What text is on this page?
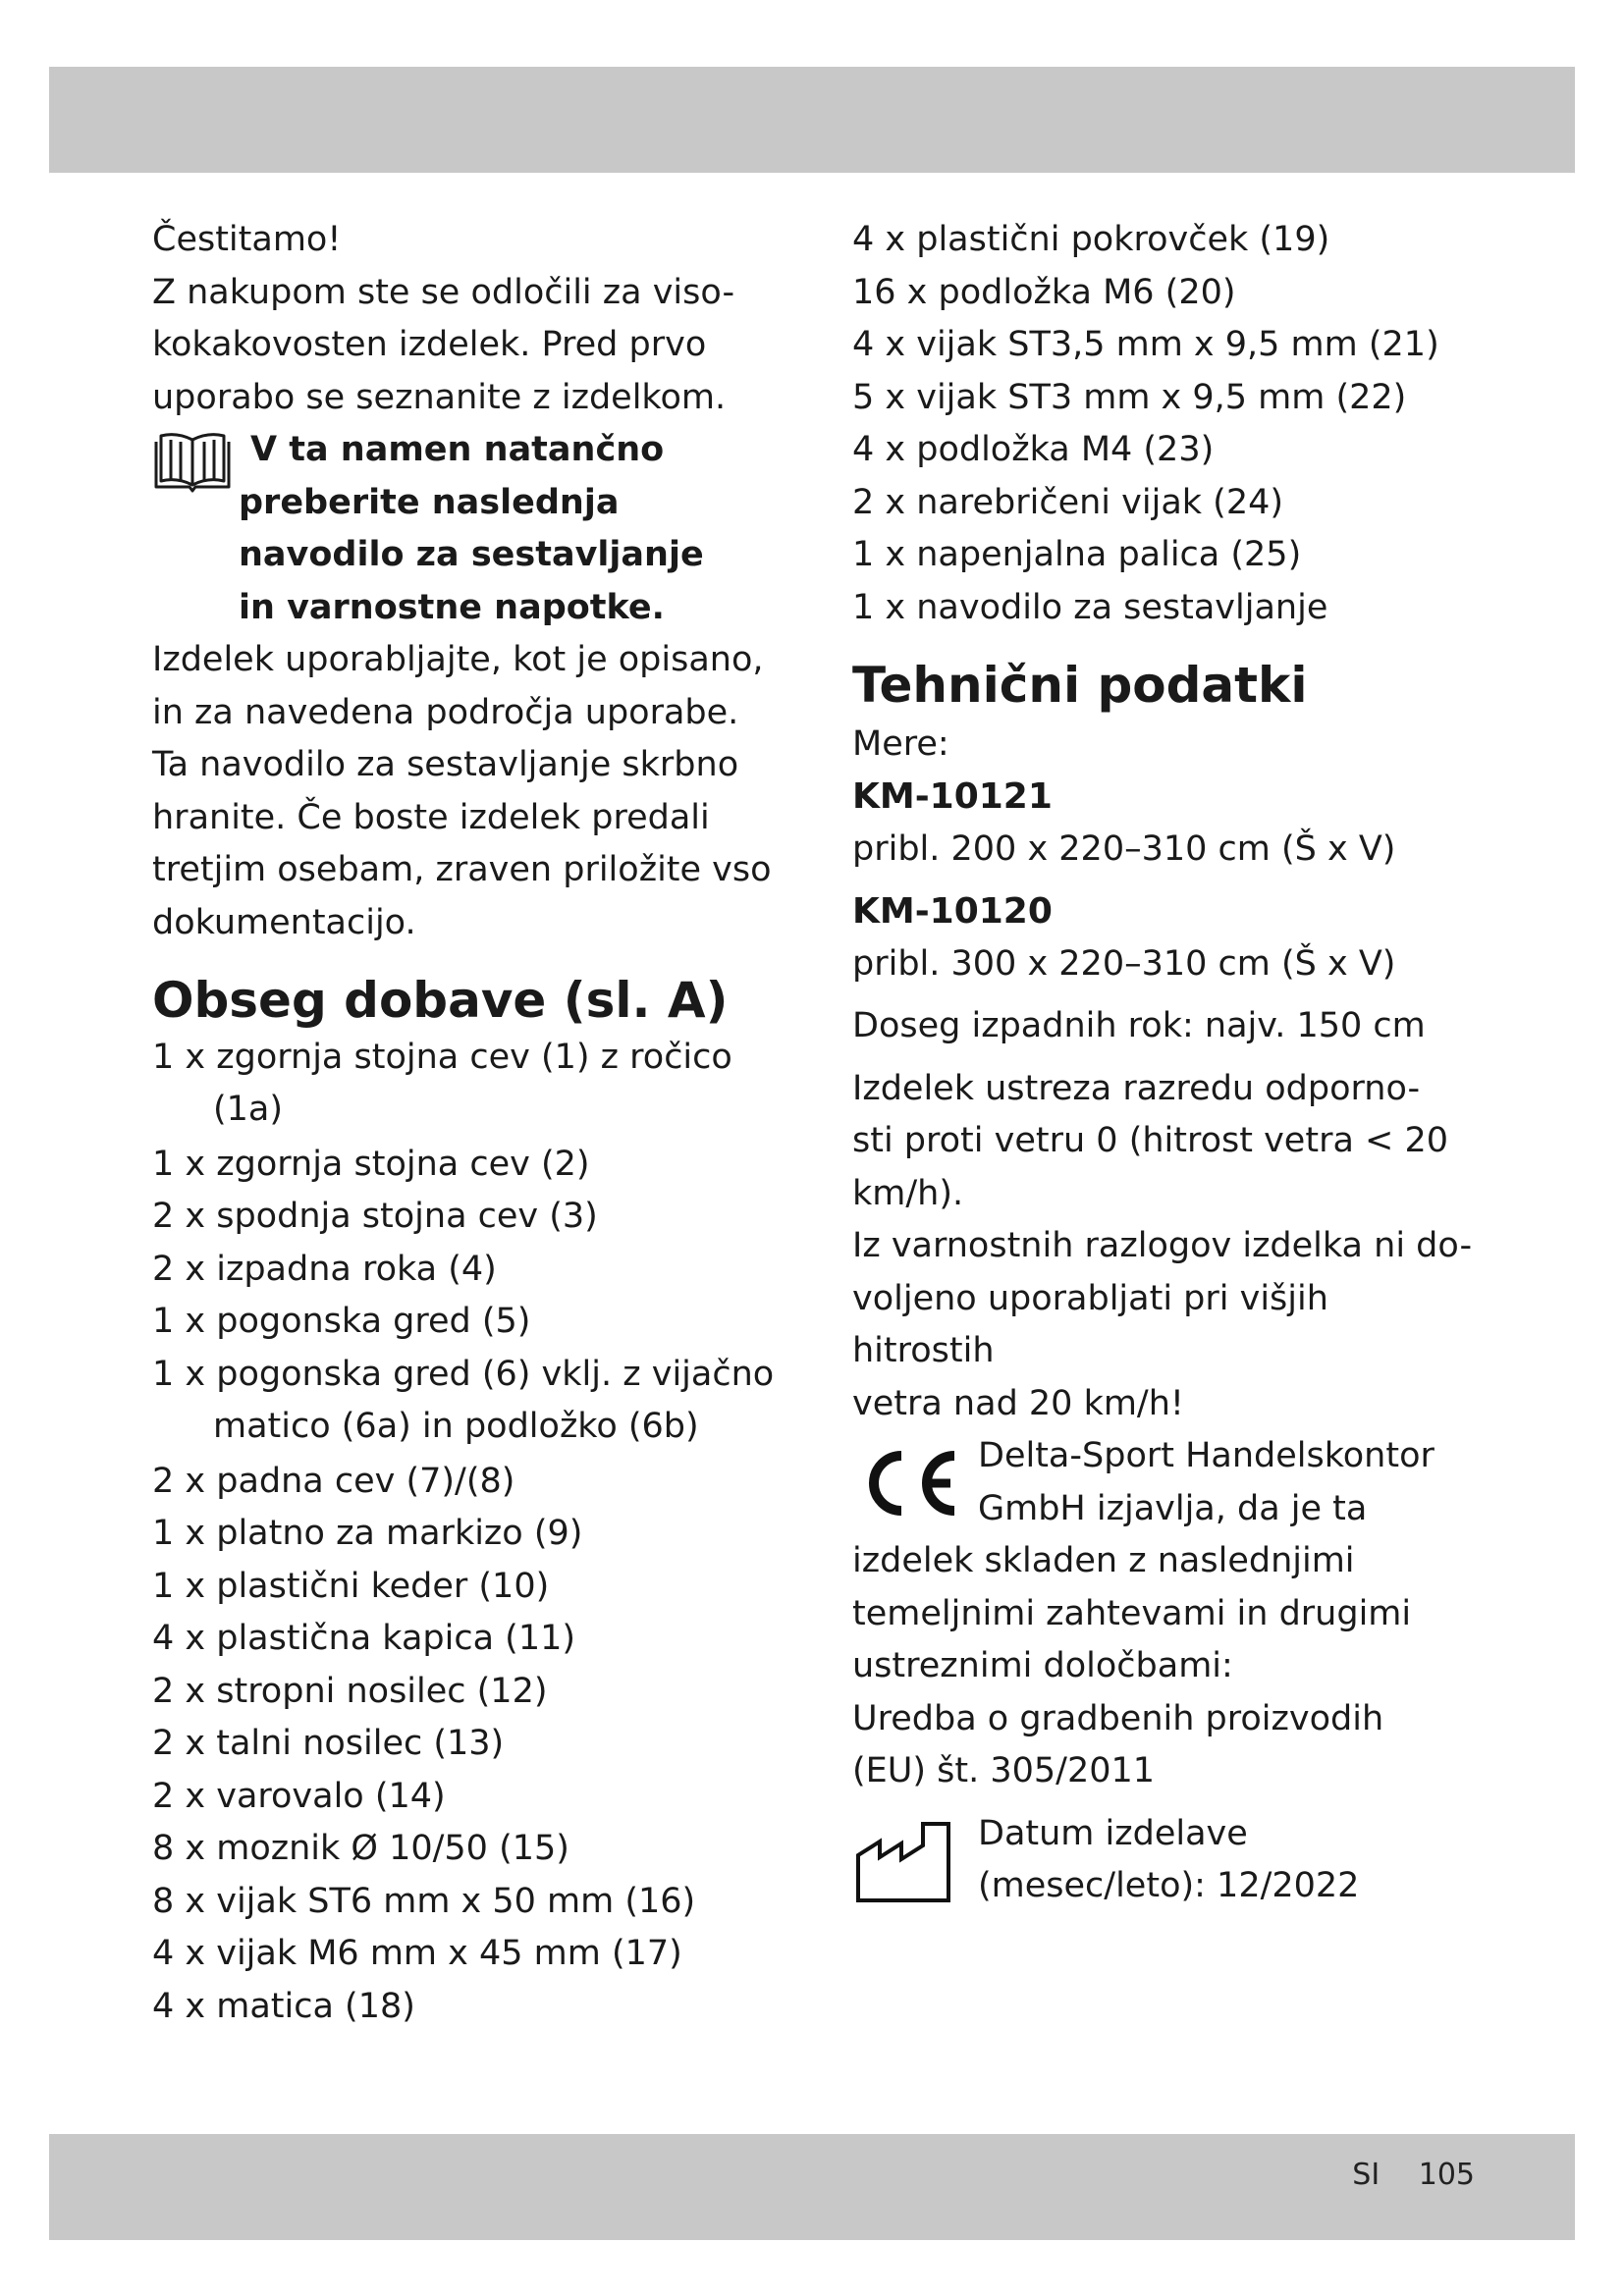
Čestitamo!

Z nakupom ste se odločili za viso-

kokakovosten izdelek. Pred prvo

uporabo se seznanite z izdelkom.

V ta namen natančno

preberite naslednja

navodilo za sestavljanje

in varnostne napotke.

Izdelek uporabljajte, kot je opisano,

in za navedena področja uporabe.

Ta navodilo za sestavljanje skrbno

hranite. Če boste izdelek predali

tretjim osebam, zraven priložite vso

dokumentacijo.

Obseg dobave (sl. A)
1 x zgornja stojna cev (1) z ročico (1a)
1 x zgornja stojna cev (2)
2 x spodnja stojna cev (3)
2 x izpadna roka (4)
1 x pogonska gred (5)
1 x pogonska gred (6) vklj. z vijačno matico (6a) in podložko (6b)
2 x padna cev (7)/(8)
1 x platno za markizo (9)
1 x plastični keder (10)
4 x plastična kapica (11)
2 x stropni nosilec (12)
2 x talni nosilec (13)
2 x varovalo (14)
8 x moznik Ø 10/50 (15)
8 x vijak ST6 mm x 50 mm (16)
4 x vijak M6 mm x 45 mm (17)
4 x matica (18)
4 x plastični pokrovček (19)
16 x podložka M6 (20)
4 x vijak ST3,5 mm x 9,5 mm (21)
5 x vijak ST3 mm x 9,5 mm (22)
4 x podložka M4 (23)
2 x narebričeni vijak (24)
1 x napenjalna palica (25)
1 x navodilo za sestavljanje
Tehnični podatki

Mere:

KM-10121

pribl. 200 x 220–310 cm (Š x V)

KM-10120

pribl. 300 x 220–310 cm (Š x V)

Doseg izpadnih rok: najv. 150 cm

Izdelek ustreza razredu odporno-

sti proti vetru 0 (hitrost vetra < 20

km/h).

Iz varnostnih razlogov izdelka ni do-

voljeno uporabljati pri višjih hitrostih

vetra nad 20 km/h!

Delta-Sport Handelskontor

GmbH izjavlja, da je ta

izdelek skladen z naslednjimi

temeljnimi zahtevami in drugimi

ustreznimi določbami:

Uredba o gradbenih proizvodih

(EU) št. 305/2011

Datum izdelave

(mesec/leto): 12/2022

SI 105
